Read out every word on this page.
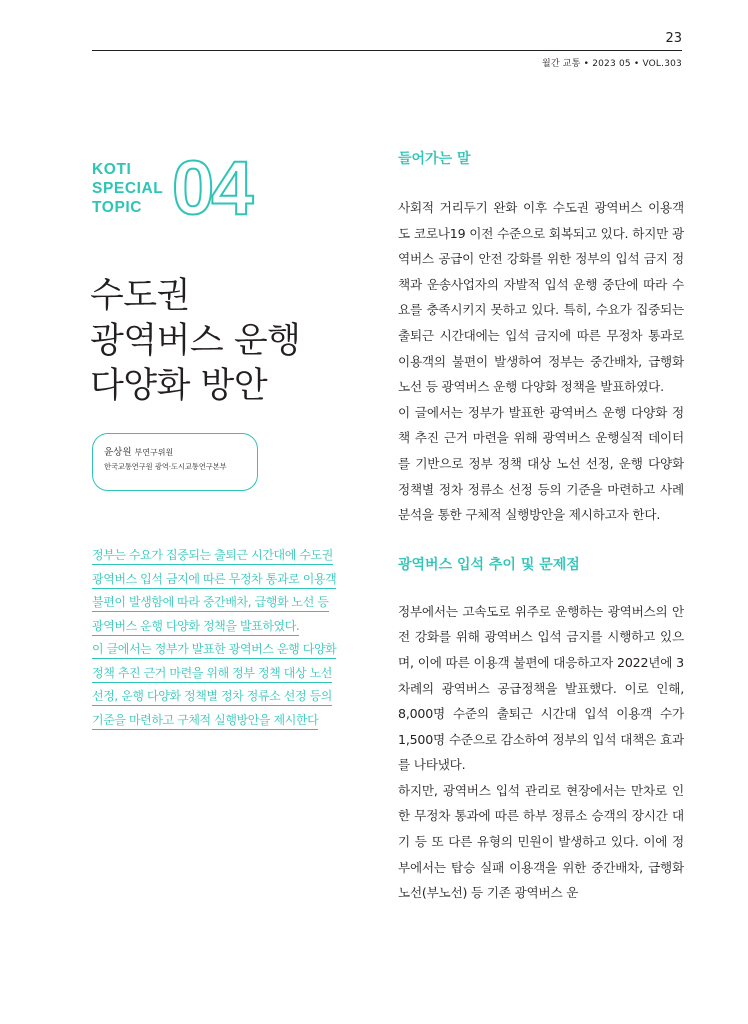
23
월간 교통 • 2023 05 • VOL.303
KOTI
SPECIAL
TOPIC 04
수도권
광역버스 운행
다양화 방안
윤상원 부연구위원
한국교통연구원 광역·도시교통연구본부

정부는 수요가 집중되는 출퇴근 시간대에 수도권
광역버스 입석 금지에 따른 무정차 통과로 이용객
불편이 발생함에 따라 중간배차, 급행화 노선 등
광역버스 운행 다양화 정책을 발표하였다.

이 글에서는 정부가 발표한 광역버스 운행 다양화
정책 추진 근거 마련을 위해 정부 정책 대상 노선
선정, 운행 다양화 정책별 정차 정류소 선정 등의
기준을 마련하고 구체적 실행방안을 제시한다

들어가는 말

사회적 거리두기 완화 이후 수도권 광역버스 이용객도 코로나19 이전 수준으로 회복되고 있다. 하지만 광역버스 공급이 안전 강화를 위한 정부의 입석 금지 정책과 운송사업자의 자발적 입석 운행 중단에 따라 수요를 충족시키지 못하고 있다. 특히, 수요가 집중되는 출퇴근 시간대에는 입석 금지에 따른 무정차 통과로 이용객의 불편이 발생하여 정부는 중간배차, 급행화 노선 등 광역버스 운행 다양화 정책을 발표하였다.

이 글에서는 정부가 발표한 광역버스 운행 다양화 정책 추진 근거 마련을 위해 광역버스 운행실적 데이터를 기반으로 정부 정책 대상 노선 선정, 운행 다양화 정책별 정차 정류소 선정 등의 기준을 마련하고 사례분석을 통한 구체적 실행방안을 제시하고자 한다.

광역버스 입석 추이 및 문제점

정부에서는 고속도로 위주로 운행하는 광역버스의 안전 강화를 위해 광역버스 입석 금지를 시행하고 있으며, 이에 따른 이용객 불편에 대응하고자 2022년에 3차례의 광역버스 공급정책을 발표했다. 이로 인해, 8,000명 수준의 출퇴근 시간대 입석 이용객 수가 1,500명 수준으로 감소하여 정부의 입석 대책은 효과를 나타냈다.

하지만, 광역버스 입석 관리로 현장에서는 만차로 인한 무정차 통과에 따른 하부 정류소 승객의 장시간 대기 등 또 다른 유형의 민원이 발생하고 있다. 이에 정부에서는 탑승 실패 이용객을 위한 중간배차, 급행화 노선(부노선) 등 기존 광역버스 운
